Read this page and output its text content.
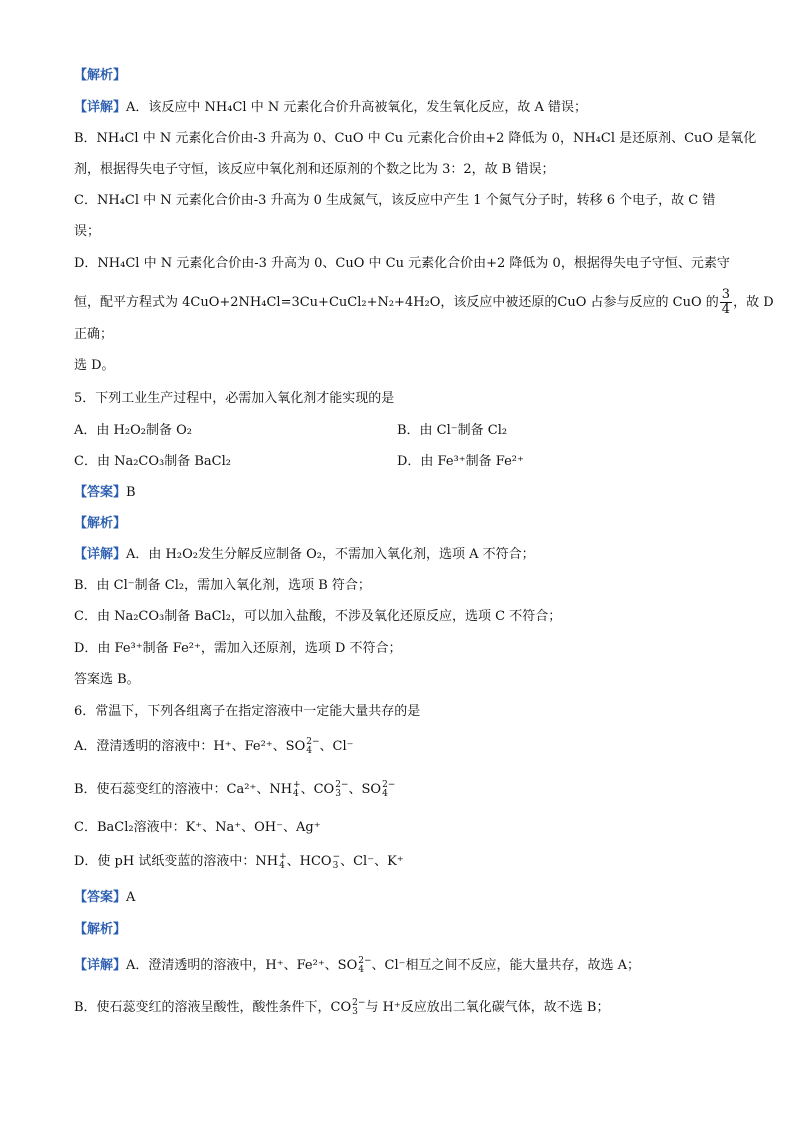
【解析】
【详解】A．该反应中 NH₄Cl 中 N 元素化合价升高被氧化，发生氧化反应，故 A 错误；
B．NH₄Cl 中 N 元素化合价由-3 升高为 0、CuO 中 Cu 元素化合价由+2 降低为 0，NH₄Cl 是还原剂、CuO 是氧化
剂，根据得失电子守恒，该反应中氧化剂和还原剂的个数之比为 3：2，故 B 错误；
C．NH₄Cl 中 N 元素化合价由-3 升高为 0 生成氮气，该反应中产生 1 个氮气分子时，转移 6 个电子，故 C 错
误；
D．NH₄Cl 中 N 元素化合价由-3 升高为 0、CuO 中 Cu 元素化合价由+2 降低为 0，根据得失电子守恒、元素守
恒，配平方程式为 4CuO+2NH₄Cl=3Cu+CuCl₂+N₂+4H₂O，该反应中被还原的CuO 占参与反应的 CuO 的 $\frac{3}{4}$ ，故 D
正确；
选 D。
5．下列工业生产过程中，必需加入氧化剂才能实现的是
A．由 H₂O₂制备 O₂	B．由 Cl⁻制备 Cl₂
C．由 Na₂CO₃制备 BaCl₂	D．由 Fe³⁺制备 Fe²⁺
【答案】B
【解析】
【详解】A．由 H₂O₂发生分解反应制备 O₂，不需加入氧化剂，选项 A 不符合；
B．由 Cl⁻制备 Cl₂，需加入氧化剂，选项 B 符合；
C．由 Na₂CO₃制备 BaCl₂，可以加入盐酸，不涉及氧化还原反应，选项 C 不符合；
D．由 Fe³⁺制备 Fe²⁺，需加入还原剂，选项 D 不符合；
答案选 B。
6．常温下，下列各组离子在指定溶液中一定能大量共存的是
A．澄清透明的溶液中：H⁺、Fe²⁺、SO 2−
4 、Cl⁻
B．使石蕊变红的溶液中：Ca²⁺、NH +
4 、CO 2−
3 、SO 2−
4
C．BaCl₂溶液中：K⁺、Na⁺、OH⁻、Ag⁺
D．使 pH 试纸变蓝的溶液中：NH +
4 、HCO −
3 、Cl⁻、K⁺
【答案】A
【解析】
【详解】A．澄清透明的溶液中，H⁺、Fe²⁺、SO 2−
4 、Cl⁻相互之间不反应，能大量共存，故选 A；
B．使石蕊变红的溶液呈酸性，酸性条件下，CO 2−
3 与 H⁺反应放出二氧化碳气体，故不选 B；
